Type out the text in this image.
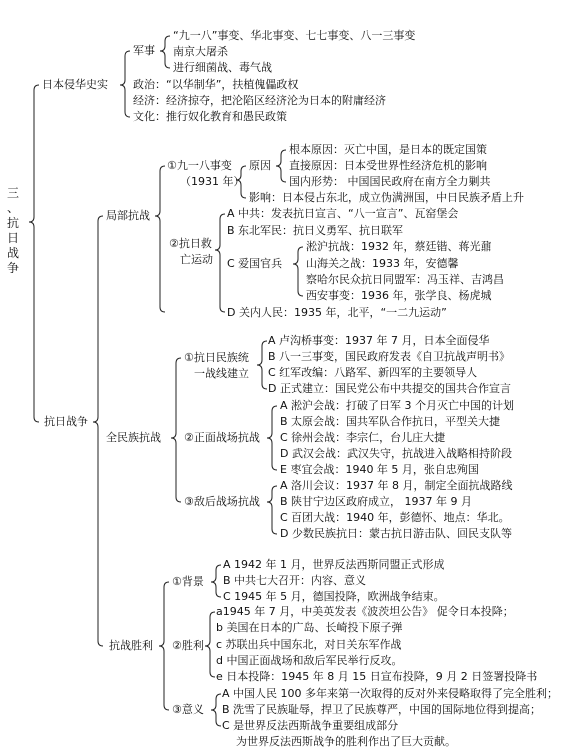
三
、
抗
日
战
争
日本侵华史实
军事
“九一八”事变、华北事变、七七事变、八一三事变
南京大屠杀
进行细菌战、毒气战
政治：“以华制华”，扶植傀儡政权
经济：经济掠夺，把沦陷区经济沦为日本的附庸经济
文化：推行奴化教育和愚民政策
抗日战争
局部抗战
①九一八事变
（1931 年）
原因
根本原因：灭亡中国，是日本的既定国策
直接原因：日本受世界性经济危机的影响
国内形势： 中国国民政府在南方全力剿共
影响：日本侵占东北，成立伪满洲国，中日民族矛盾上升
②抗日救
亡运动
A 中共：发表抗日宣言、“八一宣言”、瓦窑堡会
B 东北军民：抗日义勇军、抗日联军
C 爱国官兵
淞沪抗战：1932 年，蔡廷锴、蒋光鼐
山海关之战：1933 年，安德馨
察哈尔民众抗日同盟军：冯玉祥、吉鸿昌
西安事变：1936 年，张学良、杨虎城
D 关内人民：1935 年，北平，“一二九运动”
全民族抗战
①抗日民族统
一战线建立
A 卢沟桥事变：1937 年 7 月，日本全面侵华
B 八一三事变，国民政府发表《自卫抗战声明书》
C 红军改编：八路军、新四军的主要领导人
D 正式建立：国民党公布中共提交的国共合作宣言
②正面战场抗战
A 淞沪会战：打破了日军 3 个月灭亡中国的计划
B 太原会战：国共军队合作抗日，平型关大捷
C 徐州会战：李宗仁，台儿庄大捷
D 武汉会战：武汉失守，抗战进入战略相持阶段
E 枣宜会战：1940 年 5 月，张自忠殉国
③敌后战场抗战
A 洛川会议：1937 年 8 月，制定全面抗战路线
B 陕甘宁边区政府成立， 1937 年 9 月
C 百团大战：1940 年，彭德怀、地点：华北。
D 少数民族抗日：蒙古抗日游击队、回民支队等
抗战胜利
①背景
A 1942 年 1 月，世界反法西斯同盟正式形成
B 中共七大召开：内容、意义
C 1945 年 5 月，德国投降，欧洲战争结束。
②胜利
a1945 年 7 月，中美英发表《波茨坦公告》 促令日本投降；
b 美国在日本的广岛、长崎投下原子弹
c 苏联出兵中国东北，对日关东军作战
d 中国正面战场和敌后军民举行反攻。
e 日本投降：1945 年 8 月 15 日宣布投降，9 月 2 日签署投降书
③意义
A 中国人民 100 多年来第一次取得的反对外来侵略取得了完全胜利；
B 洗雪了民族耻辱，捍卫了民族尊严，中国的国际地位得到提高；
C 是世界反法西斯战争重要组成部分
为世界反法西斯战争的胜利作出了巨大贡献。
